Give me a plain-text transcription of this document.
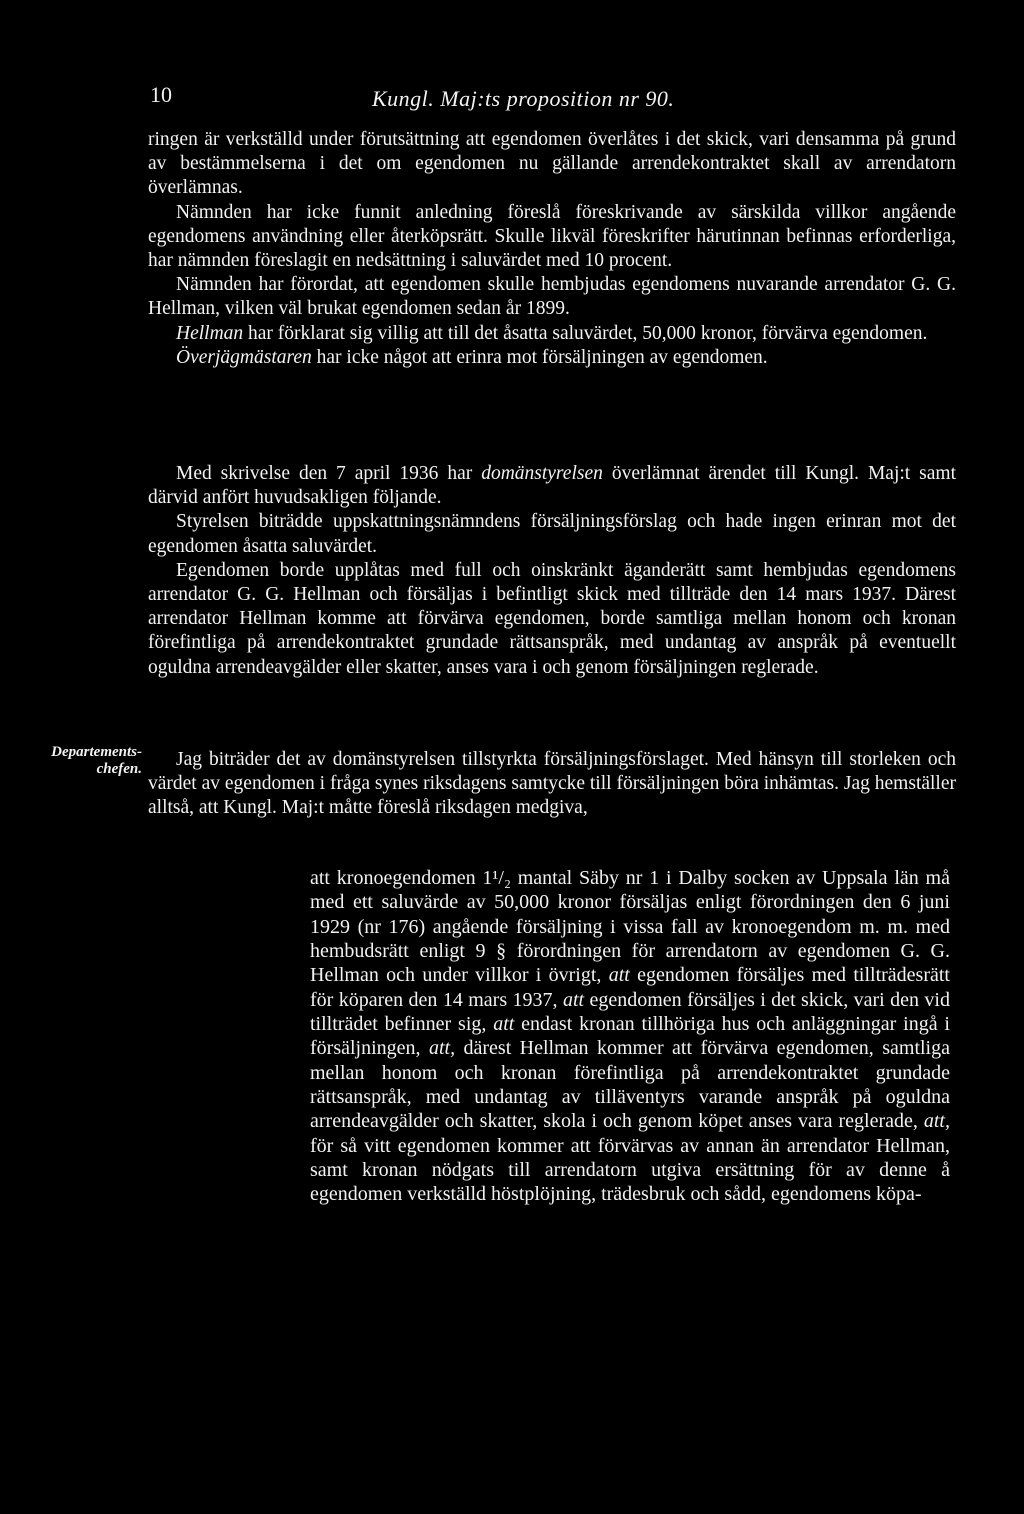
10	Kungl. Maj:ts proposition nr 90.

ringen är verkställd under förutsättning att egendomen överlåtes i det skick, vari densamma på grund av bestämmelserna i det om egendomen nu gällande arrendekontraktet skall av arrendatorn överlämnas.

Nämnden har icke funnit anledning föreslå föreskrivande av särskilda villkor angående egendomens användning eller återköpsrätt. Skulle likväl föreskrifter härutinnan befinnas erforderliga, har nämnden föreslagit en nedsättning i saluvärdet med 10 procent.

Nämnden har förordat, att egendomen skulle hembjudas egendomens nuvarande arrendator G. G. Hellman, vilken väl brukat egendomen sedan år 1899.

Hellman har förklarat sig villig att till det åsatta saluvärdet, 50,000 kronor, förvärva egendomen.

Överjägmästaren har icke något att erinra mot försäljningen av egendomen.

Med skrivelse den 7 april 1936 har domänstyrelsen överlämnat ärendet till Kungl. Maj:t samt därvid anfört huvudsakligen följande.

Styrelsen biträdde uppskattningsnämndens försäljningsförslag och hade ingen erinran mot det egendomen åsatta saluvärdet.

Egendomen borde upplåtas med full och oinskränkt äganderätt samt hembjudas egendomens arrendator G. G. Hellman och försäljas i befintligt skick med tillträde den 14 mars 1937. Därest arrendator Hellman komme att förvärva egendomen, borde samtliga mellan honom och kronan förefintliga på arrendekontraktet grundade rättsanspråk, med undantag av anspråk på eventuellt oguldna arrendeavgälder eller skatter, anses vara i och genom försäljningen reglerade.

Departements-chefen.	Jag biträder det av domänstyrelsen tillstyrkta försäljningsförslaget. Med hänsyn till storleken och värdet av egendomen i fråga synes riksdagens samtycke till försäljningen böra inhämtas. Jag hemställer alltså, att Kungl. Maj:t måtte föreslå riksdagen medgiva,

att kronoegendomen 1¹/₂ mantal Säby nr 1 i Dalby socken av Uppsala län må med ett saluvärde av 50,000 kronor försäljas enligt förordningen den 6 juni 1929 (nr 176) angående försäljning i vissa fall av kronoegendom m. m. med hembudsrätt enligt 9 § förordningen för arrendatorn av egendomen G. G. Hellman och under villkor i övrigt, att egendomen försäljes med tillträdesrätt för köparen den 14 mars 1937, att egendomen försäljes i det skick, vari den vid tillträdet befinner sig, att endast kronan tillhöriga hus och anläggningar ingå i försäljningen, att, därest Hellman kommer att förvärva egendomen, samtliga mellan honom och kronan förefintliga på arrendekontraktet grundade rättsanspråk, med undantag av tilläventyrs varande anspråk på oguldna arrendeavgälder och skatter, skola i och genom köpet anses vara reglerade, att, för så vitt egendomen kommer att förvärvas av annan än arrendator Hellman, samt kronan nödgats till arrendatorn utgiva ersättning för av denne å egendomen verkställd höstplöjning, trädesbruk och sådd, egendomens köpa-
